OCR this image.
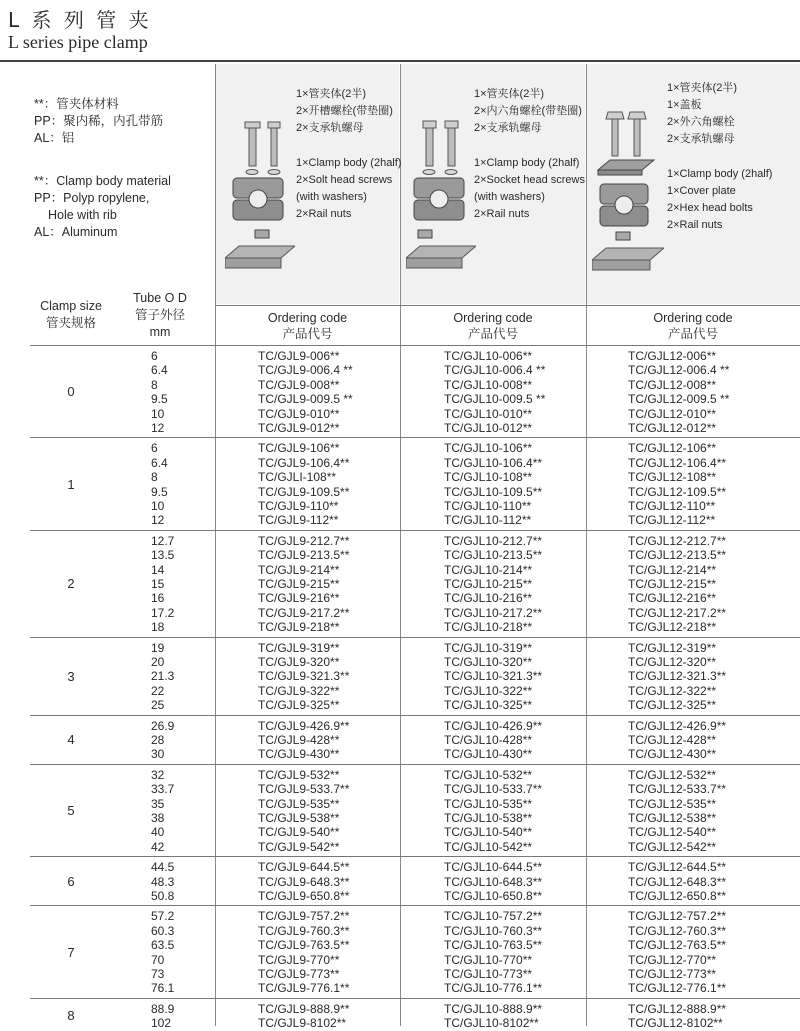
L 系 列 管 夹
L series pipe clamp
**：管夹体材料
PP：聚内稀，内孔带筋
AL：铝
**：Clamp body material
PP：Polyp ropylene,
Hole with rib
AL：Aluminum
1×管夹体(2半)
2×开槽螺栓(带垫圈)
2×支承轨螺母
1×Clamp body (2half)
2×Solt head screws
(with washers)
2×Rail nuts
1×管夹体(2半)
2×内六角螺栓(带垫圈)
2×支承轨螺母
1×Clamp body (2half)
2×Socket head screws
(with washers)
2×Rail nuts
1×管夹体(2半)
1×盖板
2×外六角螺栓
2×支承轨螺母
1×Clamp body (2half)
1×Cover plate
2×Hex head bolts
2×Rail nuts
Clamp size
管夹规格
Tube O D
管子外径
mm
Ordering code
产品代号
Ordering code
产品代号
Ordering code
产品代号
0
6	TC/GJL9-006**	TC/GJL10-006**	TC/GJL12-006**
6.4	TC/GJL9-006.4 **	TC/GJL10-006.4 **	TC/GJL12-006.4 **
8	TC/GJL9-008**	TC/GJL10-008**	TC/GJL12-008**
9.5	TC/GJL9-009.5 **	TC/GJL10-009.5 **	TC/GJL12-009.5 **
10	TC/GJL9-010**	TC/GJL10-010**	TC/GJL12-010**
12	TC/GJL9-012**	TC/GJL10-012**	TC/GJL12-012**
1
6	TC/GJL9-106**	TC/GJL10-106**	TC/GJL12-106**
6.4	TC/GJL9-106.4**	TC/GJL10-106.4**	TC/GJL12-106.4**
8	TC/GJLI-108**	TC/GJL10-108**	TC/GJL12-108**
9.5	TC/GJL9-109.5**	TC/GJL10-109.5**	TC/GJL12-109.5**
10	TC/GJL9-110**	TC/GJL10-110**	TC/GJL12-110**
12	TC/GJL9-112**	TC/GJL10-112**	TC/GJL12-112**
2
12.7	TC/GJL9-212.7**	TC/GJL10-212.7**	TC/GJL12-212.7**
13.5	TC/GJL9-213.5**	TC/GJL10-213.5**	TC/GJL12-213.5**
14	TC/GJL9-214**	TC/GJL10-214**	TC/GJL12-214**
15	TC/GJL9-215**	TC/GJL10-215**	TC/GJL12-215**
16	TC/GJL9-216**	TC/GJL10-216**	TC/GJL12-216**
17.2	TC/GJL9-217.2**	TC/GJL10-217.2**	TC/GJL12-217.2**
18	TC/GJL9-218**	TC/GJL10-218**	TC/GJL12-218**
3
19	TC/GJL9-319**	TC/GJL10-319**	TC/GJL12-319**
20	TC/GJL9-320**	TC/GJL10-320**	TC/GJL12-320**
21.3	TC/GJL9-321.3**	TC/GJL10-321.3**	TC/GJL12-321.3**
22	TC/GJL9-322**	TC/GJL10-322**	TC/GJL12-322**
25	TC/GJL9-325**	TC/GJL10-325**	TC/GJL12-325**
4
26.9	TC/GJL9-426.9**	TC/GJL10-426.9**	TC/GJL12-426.9**
28	TC/GJL9-428**	TC/GJL10-428**	TC/GJL12-428**
30	TC/GJL9-430**	TC/GJL10-430**	TC/GJL12-430**
5
32	TC/GJL9-532**	TC/GJL10-532**	TC/GJL12-532**
33.7	TC/GJL9-533.7**	TC/GJL10-533.7**	TC/GJL12-533.7**
35	TC/GJL9-535**	TC/GJL10-535**	TC/GJL12-535**
38	TC/GJL9-538**	TC/GJL10-538**	TC/GJL12-538**
40	TC/GJL9-540**	TC/GJL10-540**	TC/GJL12-540**
42	TC/GJL9-542**	TC/GJL10-542**	TC/GJL12-542**
6
44.5	TC/GJL9-644.5**	TC/GJL10-644.5**	TC/GJL12-644.5**
48.3	TC/GJL9-648.3**	TC/GJL10-648.3**	TC/GJL12-648.3**
50.8	TC/GJL9-650.8**	TC/GJL10-650.8**	TC/GJL12-650.8**
7
57.2	TC/GJL9-757.2**	TC/GJL10-757.2**	TC/GJL12-757.2**
60.3	TC/GJL9-760.3**	TC/GJL10-760.3**	TC/GJL12-760.3**
63.5	TC/GJL9-763.5**	TC/GJL10-763.5**	TC/GJL12-763.5**
70	TC/GJL9-770**	TC/GJL10-770**	TC/GJL12-770**
73	TC/GJL9-773**	TC/GJL10-773**	TC/GJL12-773**
76.1	TC/GJL9-776.1**	TC/GJL10-776.1**	TC/GJL12-776.1**
8	88.9	TC/GJL9-888.9**	TC/GJL10-888.9**	TC/GJL12-888.9**
102	TC/GJL9-8102**	TC/GJL10-8102**	TC/GJL12-8102**
